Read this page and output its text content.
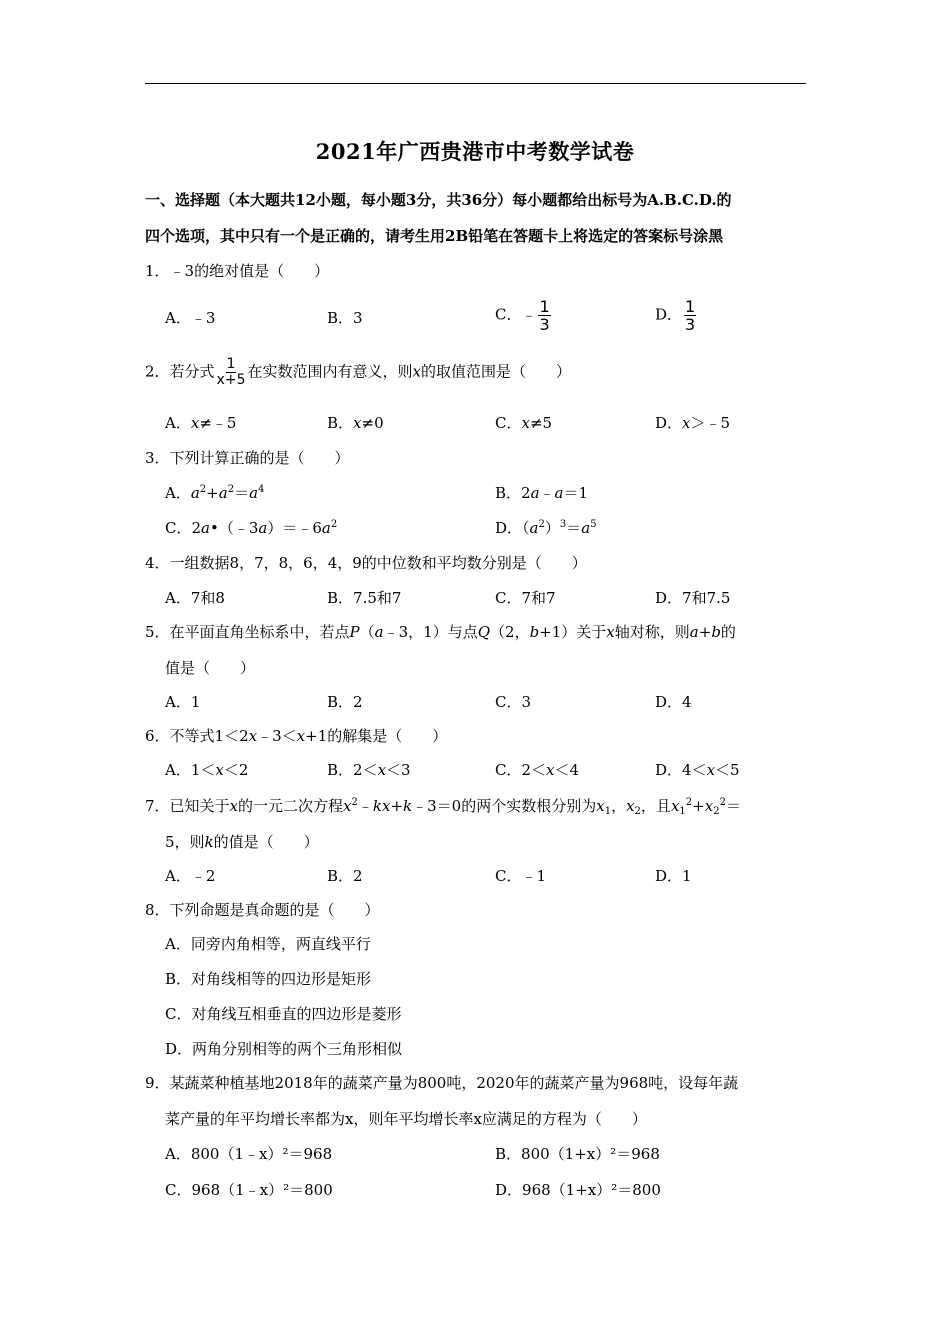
2021年广西贵港市中考数学试卷
一、选择题（本大题共12小题，每小题3分，共36分）每小题都给出标号为A.B.C.D.的
四个选项，其中只有一个是正确的，请考生用2B铅笔在答题卡上将选定的答案标号涂黑
1．﹣3的绝对值是（　　）
A．﹣3	B．3	C．﹣ $\frac{1}{3}$	D． $\frac{1}{3}$
2．若分式 $\frac{1}{x+5}$ 在实数范围内有意义，则x的取值范围是（　　）
A．x≠﹣5	B．x≠0	C．x≠5	D．x＞﹣5
3．下列计算正确的是（　　）
A．$a^2+a^2=a^4$	B．2a﹣a＝1
C．$2a•(﹣3a)=﹣6a^2$	D．$(a^2)^3=a^5$
4．一组数据8，7，8，6，4，9的中位数和平均数分别是（　　）
A．7和8	B．7.5和7	C．7和7	D．7和7.5
5．在平面直角坐标系中，若点P（a﹣3，1）与点Q（2，b+1）关于x轴对称，则a+b的
值是（　　）
A．1	B．2	C．3	D．4
6．不等式1＜2x﹣3＜x+1的解集是（　　）
A．1＜x＜2	B．2＜x＜3	C．2＜x＜4	D．4＜x＜5
7．已知关于x的一元二次方程$x^2﹣kx+k﹣3=0$的两个实数根分别为$x_1$，$x_2$，且$x_1^2+x_2^2=$
5，则k的值是（　　）
A．﹣2	B．2	C．﹣1	D．1
8．下列命题是真命题的是（　　）
A．同旁内角相等，两直线平行
B．对角线相等的四边形是矩形
C．对角线互相垂直的四边形是菱形
D．两角分别相等的两个三角形相似
9．某蔬菜种植基地2018年的蔬菜产量为800吨，2020年的蔬菜产量为968吨，设每年蔬
菜产量的年平均增长率都为x，则年平均增长率x应满足的方程为（　　）
A．800（1﹣x）²＝968	B．800（1+x）²＝968
C．968（1﹣x）²＝800	D．968（1+x）²＝800
